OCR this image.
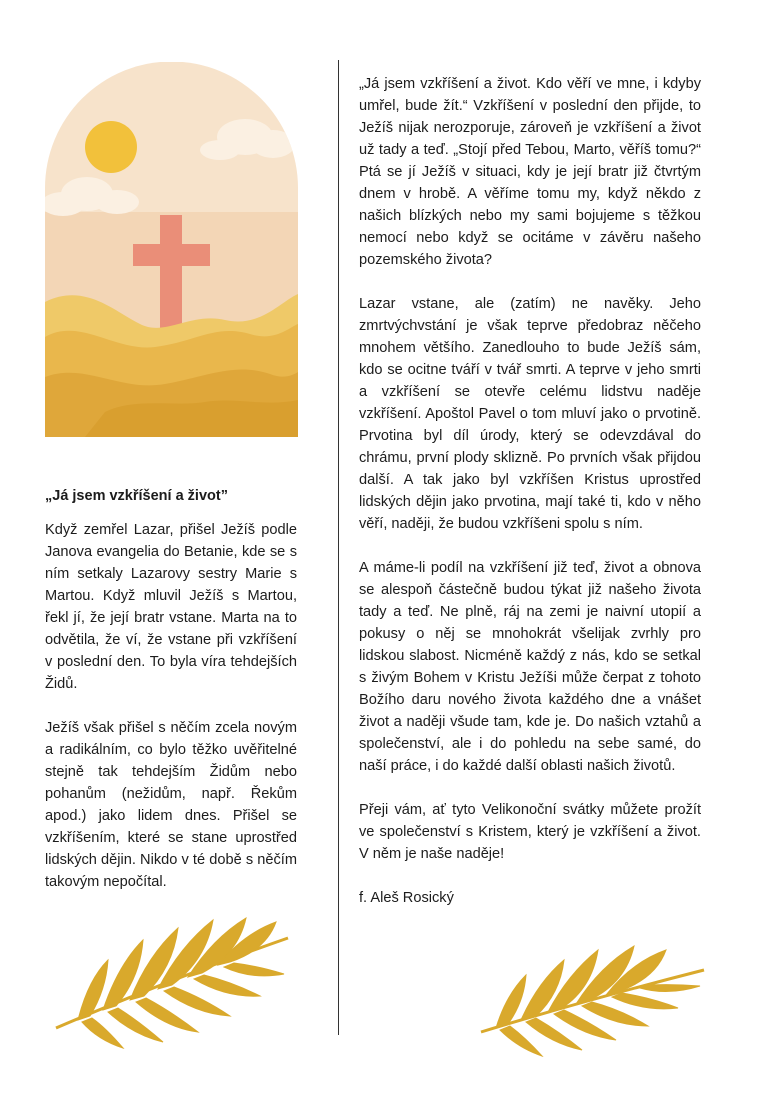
„Já jsem vzkříšení a život”

Když zemřel Lazar, přišel Ježíš podle Janova evangelia do Betanie, kde se s ním setkaly Lazarovy sestry Marie s Martou. Když mluvil Ježíš s Martou, řekl jí, že její bratr vstane. Marta na to odvětila, že ví, že vstane při vzkříšení v poslední den. To byla víra tehdejších Židů.

Ježíš však přišel s něčím zcela novým a radikálním, co bylo těžko uvěřitelné stejně tak tehdejším Židům nebo pohanům (nežidům, např. Řekům apod.) jako lidem dnes. Přišel se vzkříšením, které se stane uprostřed lidských dějin. Nikdo v té době s něčím takovým nepočítal.

„Já jsem vzkříšení a život. Kdo věří ve mne, i kdyby umřel, bude žít.“ Vzkříšení v poslední den přijde, to Ježíš nijak nerozporuje, zároveň je vzkříšení a život už tady a teď. „Stojí před Tebou, Marto, věříš tomu?“ Ptá se jí Ježíš v situaci, kdy je její bratr již čtvrtým dnem v hrobě. A věříme tomu my, když někdo z našich blízkých nebo my sami bojujeme s těžkou nemocí nebo když se ocitáme v závěru našeho pozemského života?

Lazar vstane, ale (zatím) ne navěky. Jeho zmrtvýchvstání je však teprve předobraz něčeho mnohem většího. Zanedlouho to bude Ježíš sám, kdo se ocitne tváří v tvář smrti. A teprve v jeho smrti a vzkříšení se otevře celému lidstvu naděje vzkříšení. Apoštol Pavel o tom mluví jako o prvotině. Prvotina byl díl úrody, který se odevzdával do chrámu, první plody sklizně. Po prvních však přijdou další. A tak jako byl vzkříšen Kristus uprostřed lidských dějin jako prvotina, mají také ti, kdo v něho věří, naději, že budou vzkříšeni spolu s ním.

A máme-li podíl na vzkříšení již teď, život a obnova se alespoň částečně budou týkat již našeho života tady a teď. Ne plně, ráj na zemi je naivní utopií a pokusy o něj se mnohokrát všelijak zvrhly pro lidskou slabost. Nicméně každý z nás, kdo se setkal s živým Bohem v Kristu Ježíši může čerpat z tohoto Božího daru nového života každého dne a vnášet život a naději všude tam, kde je. Do našich vztahů a společenství, ale i do pohledu na sebe samé, do naší práce, i do každé další oblasti našich životů.

Přeji vám, ať tyto Velikonoční svátky můžete prožít ve společenství s Kristem, který je vzkříšení a život. V něm je naše naděje!

f. Aleš Rosický
